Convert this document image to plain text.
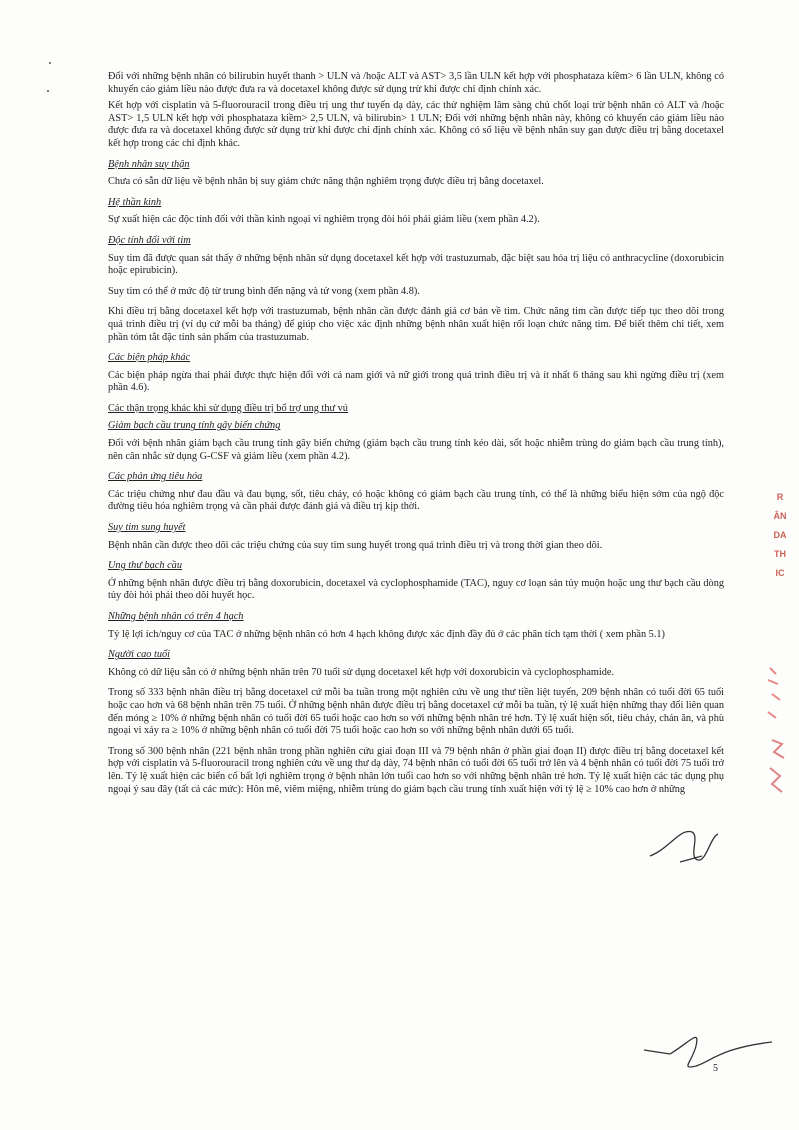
Đối với những bệnh nhân có bilirubin huyết thanh > ULN và /hoặc ALT và AST> 3,5 lần ULN kết hợp với phosphataza kiềm> 6 lần ULN, không có khuyến cáo giảm liều nào được đưa ra và docetaxel không được sử dụng trừ khi được chỉ định chính xác.

Kết hợp với cisplatin và 5-fluorouracil trong điều trị ung thư tuyến dạ dày, các thử nghiệm lâm sàng chủ chốt loại trừ bệnh nhân có ALT và /hoặc AST> 1,5 ULN kết hợp với phosphataza kiềm> 2,5 ULN, và bilirubin> 1 ULN; Đối với những bệnh nhân này, không có khuyến cáo giảm liều nào được đưa ra và docetaxel không được sử dụng trừ khi được chỉ định chính xác. Không có số liệu về bệnh nhân suy gan được điều trị bằng docetaxel kết hợp trong các chỉ định khác.

Bệnh nhân suy thận

Chưa có sẵn dữ liệu về bệnh nhân bị suy giảm chức năng thận nghiêm trọng được điều trị bằng docetaxel.

Hệ thần kinh

Sự xuất hiện các độc tính đối với thần kinh ngoại vi nghiêm trọng đòi hỏi phải giảm liều (xem phần 4.2).

Độc tính đối với tim

Suy tim đã được quan sát thấy ở những bệnh nhân sử dụng docetaxel kết hợp với trastuzumab, đặc biệt sau hóa trị liệu có anthracycline (doxorubicin hoặc epirubicin).

Suy tim có thể ở mức độ từ trung bình đến nặng và tử vong (xem phần 4.8).

Khi điều trị bằng docetaxel kết hợp với trastuzumab, bệnh nhân cần được đánh giá cơ bản về tim. Chức năng tim cần được tiếp tục theo dõi trong quá trình điều trị (ví dụ cứ mỗi ba tháng) để giúp cho việc xác định những bệnh nhân xuất hiện rối loạn chức năng tim. Để biết thêm chi tiết, xem phần tóm tắt đặc tính sản phẩm của trastuzumab.

Các biện pháp khác

Các biện pháp ngừa thai phải được thực hiện đối với cả nam giới và nữ giới trong quá trình điều trị và ít nhất 6 tháng sau khi ngừng điều trị (xem phần 4.6).

Các thận trọng khác khi sử dụng điều trị bổ trợ ung thư vú
Giảm bạch cầu trung tính gây biến chứng

Đối với bệnh nhân giảm bạch cầu trung tính gây biến chứng (giảm bạch cầu trung tính kéo dài, sốt hoặc nhiễm trùng do giảm bạch cầu trung tính), nên cân nhắc sử dụng G-CSF và giảm liều (xem phần 4.2).

Các phản ứng tiêu hóa

Các triệu chứng như đau đầu và đau bụng, sốt, tiêu chảy, có hoặc không có giảm bạch cầu trung tính, có thể là những biểu hiện sớm của ngộ độc đường tiêu hóa nghiêm trọng và cần phải được đánh giá và điều trị kịp thời.

Suy tim sung huyết

Bệnh nhân cần được theo dõi các triệu chứng của suy tim sung huyết trong quá trình điều trị và trong thời gian theo dõi.

Ung thư bạch cầu

Ở những bệnh nhân được điều trị bằng doxorubicin, docetaxel và cyclophosphamide (TAC), nguy cơ loạn sản tủy muộn hoặc ung thư bạch cầu dòng tủy đòi hỏi phải theo dõi huyết học.

Những bệnh nhân có trên 4 hạch

Tỷ lệ lợi ích/nguy cơ của TAC ở những bệnh nhân có hơn 4 hạch không được xác định đầy đủ ở các phân tích tạm thời ( xem phần 5.1)

Người cao tuổi

Không có dữ liệu sẵn có ở những bệnh nhân trên 70 tuổi sử dụng docetaxel kết hợp với doxorubicin và cyclophosphamide.

Trong số 333 bệnh nhân điều trị bằng docetaxel cứ mỗi ba tuần trong một nghiên cứu về ung thư tiền liệt tuyến, 209 bệnh nhân có tuổi đời 65 tuổi hoặc cao hơn và 68 bệnh nhân trên 75 tuổi. Ở những bệnh nhân được điều trị bằng docetaxel cứ mỗi ba tuần, tỷ lệ xuất hiện những thay đổi liên quan đến móng ≥ 10% ở những bệnh nhân có tuổi đời 65 tuổi hoặc cao hơn so với những bệnh nhân trẻ hơn. Tỷ lệ xuất hiện sốt, tiêu chảy, chán ăn, và phù ngoại vi xảy ra ≥ 10% ở những bệnh nhân có tuổi đời 75 tuổi hoặc cao hơn so với những bệnh nhân dưới 65 tuổi.

Trong số 300 bệnh nhân (221 bệnh nhân trong phần nghiên cứu giai đoạn III và 79 bệnh nhân ở phần giai đoạn II) được điều trị bằng docetaxel kết hợp với cisplatin và 5-fluorouracil trong nghiên cứu về ung thư dạ dày, 74 bệnh nhân có tuổi đời 65 tuổi trở lên và 4 bệnh nhân có tuổi đời 75 tuổi trở lên. Tỷ lệ xuất hiện các biến cố bất lợi nghiêm trọng ở bệnh nhân lớn tuổi cao hơn so với những bệnh nhân trẻ hơn. Tỷ lệ xuất hiện các tác dụng phụ ngoại ý sau đây (tất cả các mức): Hôn mê, viêm miệng, nhiễm trùng do giảm bạch cầu trung tính xuất hiện với tỷ lệ ≥ 10% cao hơn ở những

R
ÂN
DA
TH
IC
5
